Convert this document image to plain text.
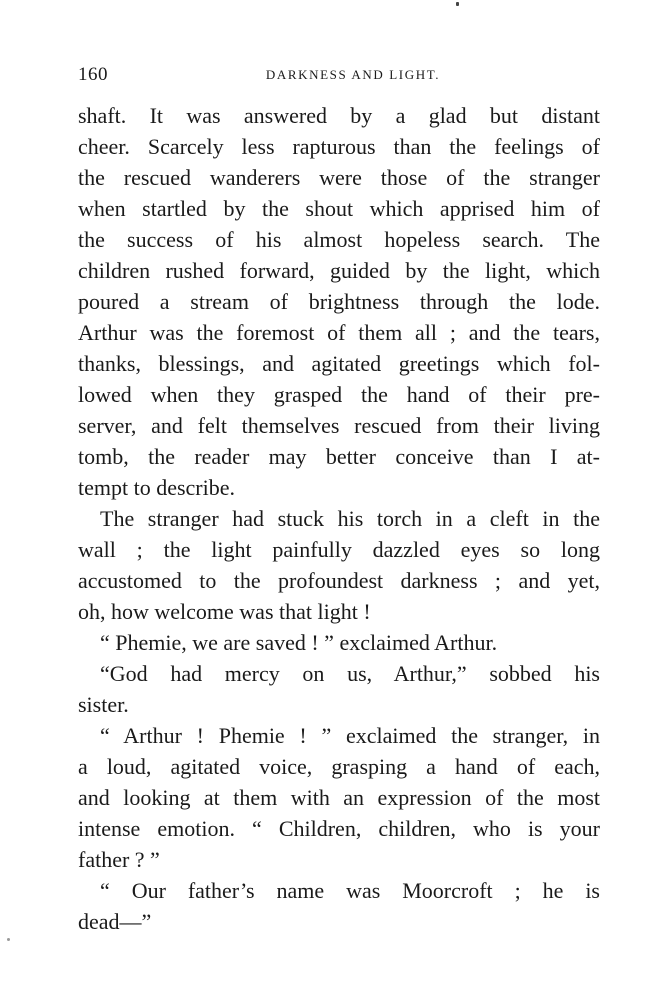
160	DARKNESS AND LIGHT.
shaft. It was answered by a glad but distant
cheer. Scarcely less rapturous than the feelings of
the rescued wanderers were those of the stranger
when startled by the shout which apprised him of
the success of his almost hopeless search. The
children rushed forward, guided by the light, which
poured a stream of brightness through the lode.
Arthur was the foremost of them all ; and the tears,
thanks, blessings, and agitated greetings which fol-
lowed when they grasped the hand of their pre-
server, and felt themselves rescued from their living
tomb, the reader may better conceive than I at-
tempt to describe.
The stranger had stuck his torch in a cleft in the
wall ; the light painfully dazzled eyes so long
accustomed to the profoundest darkness ; and yet,
oh, how welcome was that light !
“ Phemie, we are saved ! ” exclaimed Arthur.
“God had mercy on us, Arthur,” sobbed his
sister.
“ Arthur ! Phemie ! ” exclaimed the stranger, in
a loud, agitated voice, grasping a hand of each,
and looking at them with an expression of the most
intense emotion. “ Children, children, who is your
father ? ”
“ Our father’s name was Moorcroft ; he is
dead—”
